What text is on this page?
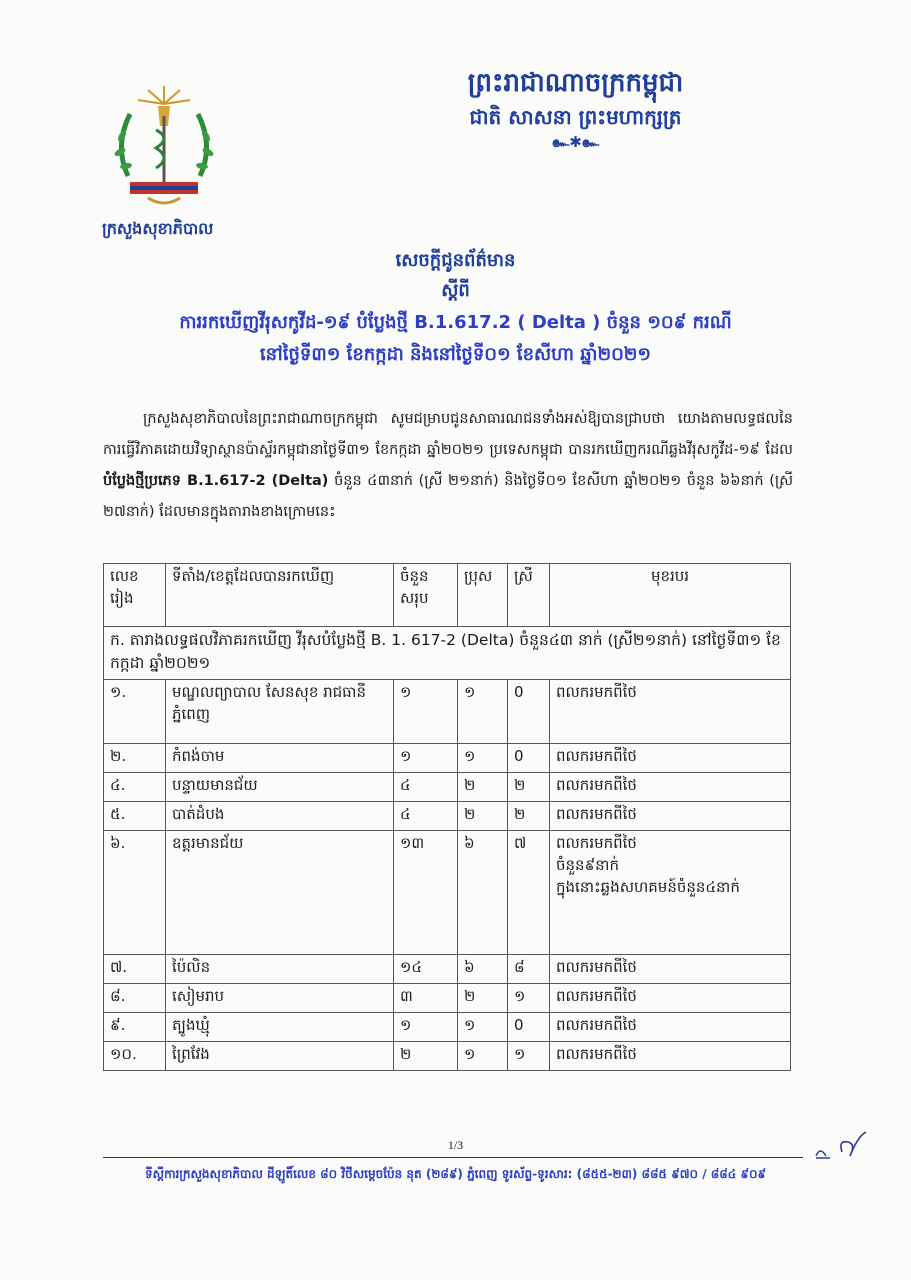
ព្រះរាជាណាចក្រកម្ពុជា
ជាតិ សាសនា ព្រះមហាក្សត្រ
๛✱๛
ក្រសួងសុខាភិបាល
សេចក្តីជូនព័ត៌មាន
ស្តីពី
ការរកឃើញវីរុសកូវីដ-១៩ បំប្លែងថ្មី B.1.617.2 ( Delta ) ចំនួន ១០៩ ករណី
នៅថ្ងៃទី៣១ ខែកក្កដា និងនៅថ្ងៃទី០១ ខែសីហា ឆ្នាំ២០២១

ក្រសួងសុខាភិបាលនៃព្រះរាជាណាចក្រកម្ពុជា សូមជម្រាបជូនសាធារណជនទាំងអស់ឱ្យបានជ្រាបថា យោងតាមលទ្ធផលនៃការធ្វើវិភាគដោយវិទ្យាស្ថានប៉ាស្ទ័រកម្ពុជានាថ្ងៃទី៣១ ខែកក្កដា ឆ្នាំ២០២១ ប្រទេសកម្ពុជា បានរកឃើញករណីឆ្លងវីរុសកូវីដ-១៩ ដែលបំប្លែងថ្មីប្រភេទ B.1.617-2 (Delta) ចំនួន ៤៣នាក់ (ស្រី ២១នាក់) និងថ្ងៃទី០១ ខែសីហា ឆ្នាំ២០២១ ចំនួន ៦៦នាក់ (ស្រី ២៧នាក់) ដែលមានក្នុងតារាងខាងក្រោមនេះ

លេខរៀង	ទីតាំង/ខេត្តដែលបានរកឃើញ	ចំនួនសរុប	ប្រុស	ស្រី	មុខរបរ
ក. តារាងលទ្ធផលវិភាគរកឃើញ វីរុសបំប្លែងថ្មី B. 1. 617-2 (Delta) ចំនួន៤៣ នាក់ (ស្រី២១នាក់) នៅថ្ងៃទី៣១ ខែកក្កដា ឆ្នាំ២០២១					
១.	មណ្ឌលព្យាបាល សែនសុខ រាជធានីភ្នំពេញ	១	១	0	ពលករមកពីថៃ
២.	កំពង់ចាម	១	១	0	ពលករមកពីថៃ
៤.	បន្ទាយមានជ័យ	៤	២	២	ពលករមកពីថៃ
៥.	បាត់ដំបង	៤	២	២	ពលករមកពីថៃ
៦.	ឧត្តរមានជ័យ	១៣	៦	៧	ពលករមកពីថៃ
ចំនួន៩នាក់
ក្នុងនោះឆ្លងសហគមន៍ចំនួន៤នាក់

៧.	ប៉ៃលិន	១៤	៦	៨	ពលករមកពីថៃ
៨.	សៀមរាប	៣	២	១	ពលករមកពីថៃ
៩.	ត្បូងឃ្មុំ	១	១	0	ពលករមកពីថៃ
១០.	ព្រៃវែង	២	១	១	ពលករមកពីថៃ
1/3
ទីស្តីការក្រសួងសុខាភិបាល ដីឡូតិ៍លេខ ៨០ វិថីសម្ដេចប៉ែន នុត (២៨៩) ភ្នំពេញ ទូរស័ព្ទ-ទូរសារ: (៨៥៥-២៣) ៨៨៥ ៩៧០ / ៨៨៤ ៩០៩
